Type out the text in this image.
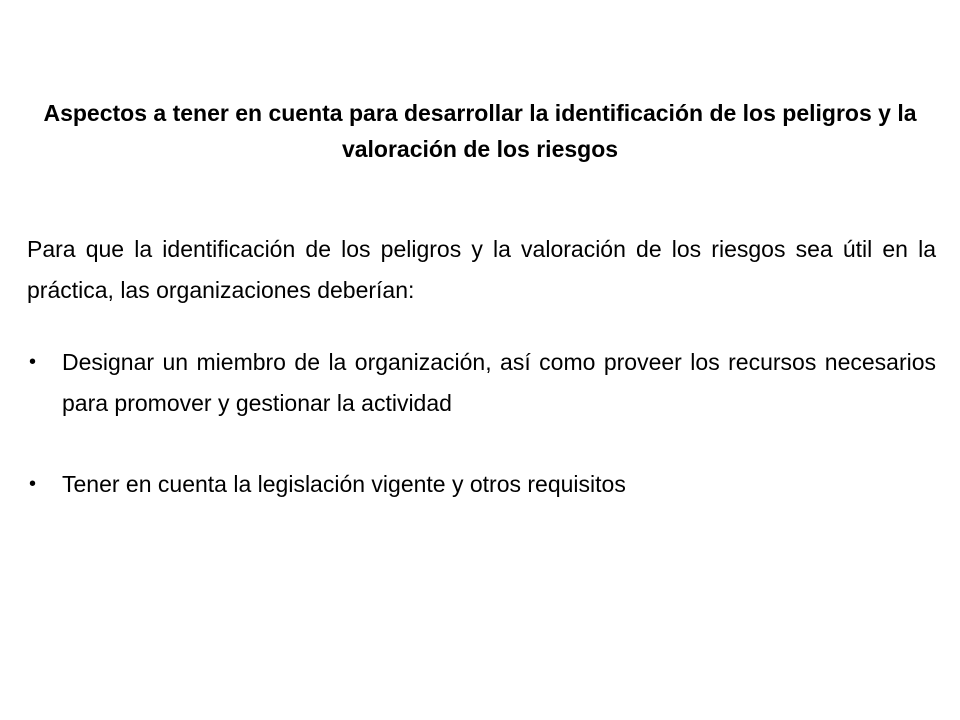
Aspectos a tener en cuenta para desarrollar la identificación de los peligros y la valoración de los riesgos

Para que la identificación de los peligros y la valoración de los riesgos sea útil en la práctica, las organizaciones deberían:

• Designar un miembro de la organización, así como proveer los recursos necesarios para promover y gestionar la actividad
• Tener en cuenta la legislación vigente y otros requisitos
